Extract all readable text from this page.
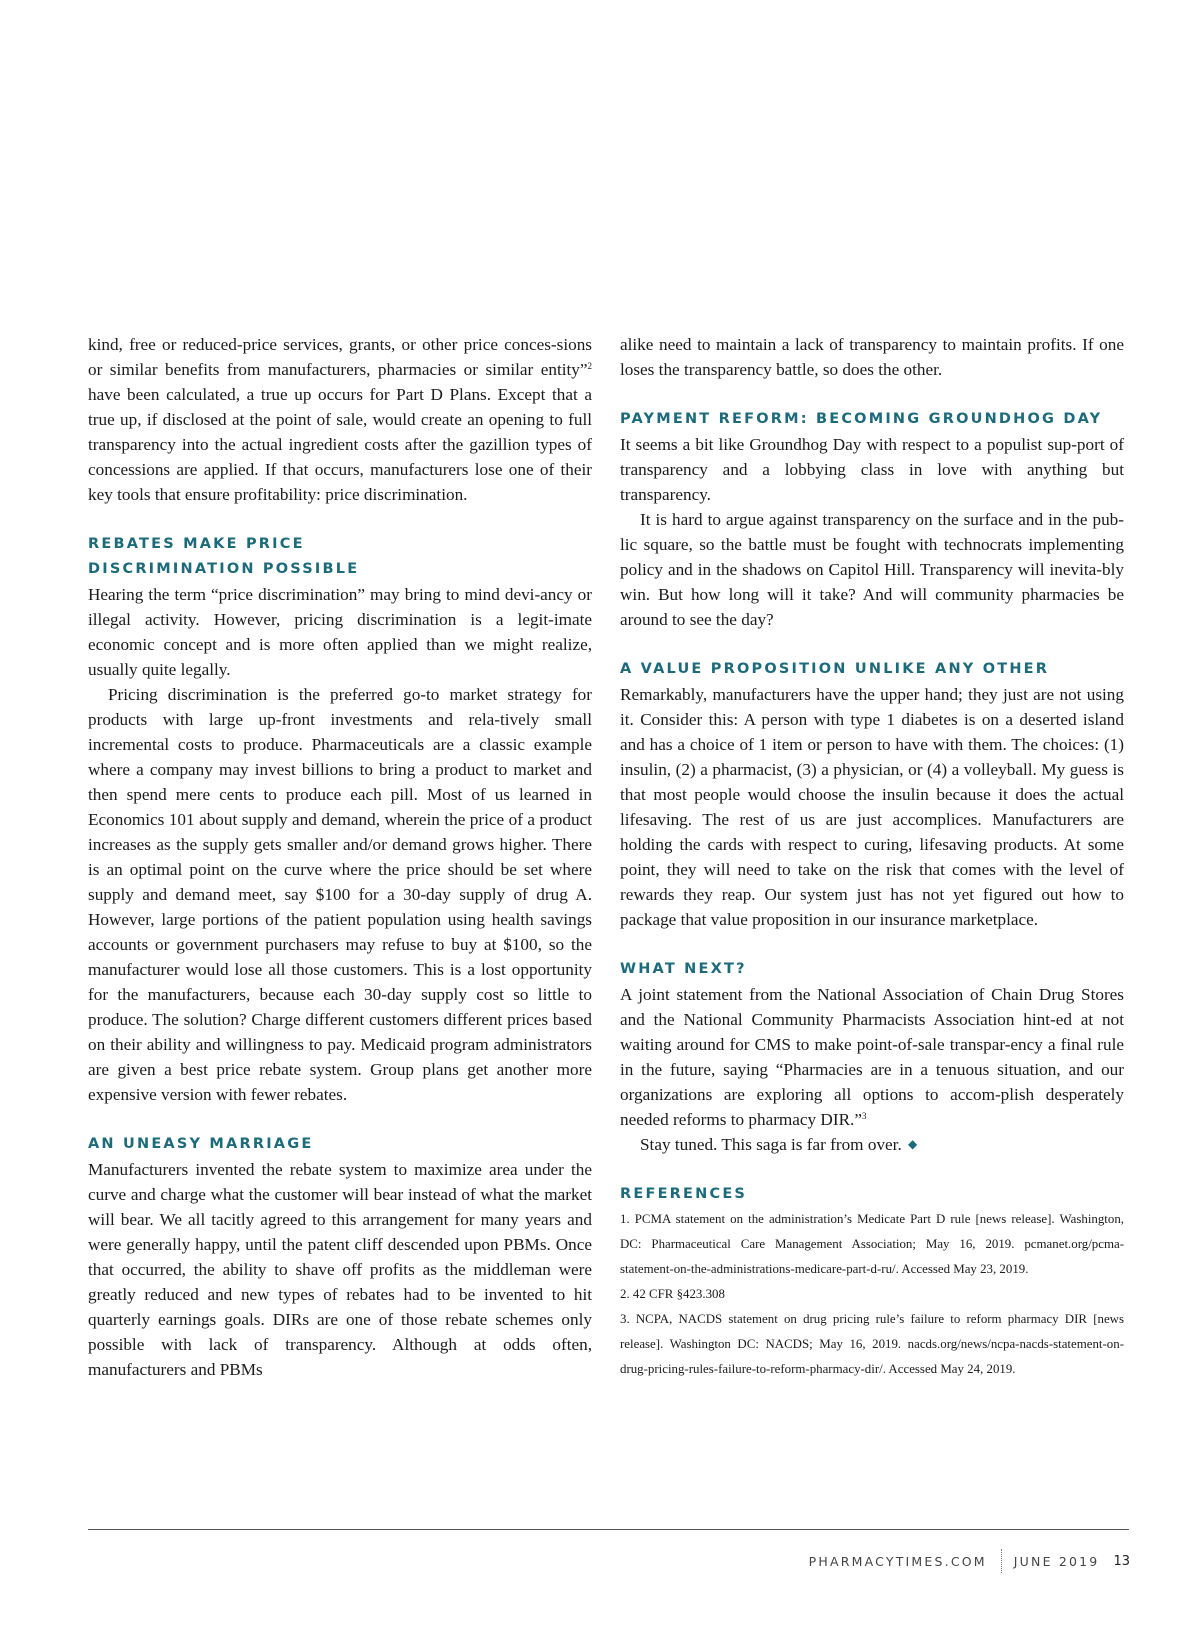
kind, free or reduced-price services, grants, or other price conces-sions or similar benefits from manufacturers, pharmacies or similar entity”$^2$ have been calculated, a true up occurs for Part D Plans. Except that a true up, if disclosed at the point of sale, would create an opening to full transparency into the actual ingredient costs after the gazillion types of concessions are applied. If that occurs, manufacturers lose one of their key tools that ensure profitability: price discrimination.

REBATES MAKE PRICE
DISCRIMINATION POSSIBLE

Hearing the term “price discrimination” may bring to mind devi-ancy or illegal activity. However, pricing discrimination is a legit-imate economic concept and is more often applied than we might realize, usually quite legally.

Pricing discrimination is the preferred go-to market strategy for products with large up-front investments and rela-tively small incremental costs to produce. Pharmaceuticals are a classic example where a company may invest billions to bring a product to market and then spend mere cents to produce each pill. Most of us learned in Economics 101 about supply and demand, wherein the price of a product increases as the supply gets smaller and/or demand grows higher. There is an optimal point on the curve where the price should be set where supply and demand meet, say $100 for a 30-day supply of drug A. However, large portions of the patient population using health savings accounts or government purchasers may refuse to buy at $100, so the manufacturer would lose all those customers. This is a lost opportunity for the manufacturers, because each 30-day supply cost so little to produce. The solution? Charge different customers different prices based on their ability and willingness to pay. Medicaid program administrators are given a best price rebate system. Group plans get another more expensive version with fewer rebates.

AN UNEASY MARRIAGE

Manufacturers invented the rebate system to maximize area under the curve and charge what the customer will bear instead of what the market will bear. We all tacitly agreed to this arrangement for many years and were generally happy, until the patent cliff descended upon PBMs. Once that occurred, the ability to shave off profits as the middleman were greatly reduced and new types of rebates had to be invented to hit quarterly earnings goals. DIRs are one of those rebate schemes only possible with lack of transparency. Although at odds often, manufacturers and PBMs

alike need to maintain a lack of transparency to maintain profits. If one loses the transparency battle, so does the other.

PAYMENT REFORM: BECOMING GROUNDHOG DAY

It seems a bit like Groundhog Day with respect to a populist sup-port of transparency and a lobbying class in love with anything but transparency.

It is hard to argue against transparency on the surface and in the pub-lic square, so the battle must be fought with technocrats implementing policy and in the shadows on Capitol Hill. Transparency will inevita-bly win. But how long will it take? And will community pharmacies be around to see the day?

A VALUE PROPOSITION UNLIKE ANY OTHER

Remarkably, manufacturers have the upper hand; they just are not using it. Consider this: A person with type 1 diabetes is on a deserted island and has a choice of 1 item or person to have with them. The choices: (1) insulin, (2) a pharmacist, (3) a physician, or (4) a volleyball. My guess is that most people would choose the insulin because it does the actual lifesaving. The rest of us are just accomplices. Manufacturers are holding the cards with respect to curing, lifesaving products. At some point, they will need to take on the risk that comes with the level of rewards they reap. Our system just has not yet figured out how to package that value proposition in our insurance marketplace.

WHAT NEXT?

A joint statement from the National Association of Chain Drug Stores and the National Community Pharmacists Association hint-ed at not waiting around for CMS to make point-of-sale transpar-ency a final rule in the future, saying “Pharmacies are in a tenuous situation, and our organizations are exploring all options to accom-plish desperately needed reforms to pharmacy DIR.”$^3$

Stay tuned. This saga is far from over. ◆

REFERENCES

1. PCMA statement on the administration’s Medicate Part D rule [news release]. Washington, DC: Pharmaceutical Care Management Association; May 16, 2019. pcmanet.org/pcma-statement-on-the-administrations-medicare-part-d-ru/. Accessed May 23, 2019.

2. 42 CFR §423.308

3. NCPA, NACDS statement on drug pricing rule’s failure to reform pharmacy DIR [news release]. Washington DC: NACDS; May 16, 2019. nacds.org/news/ncpa-nacds-statement-on-drug-pricing-rules-failure-to-reform-pharmacy-dir/. Accessed May 24, 2019.

PHARMACYTIMES.COM JUNE 2019 13
